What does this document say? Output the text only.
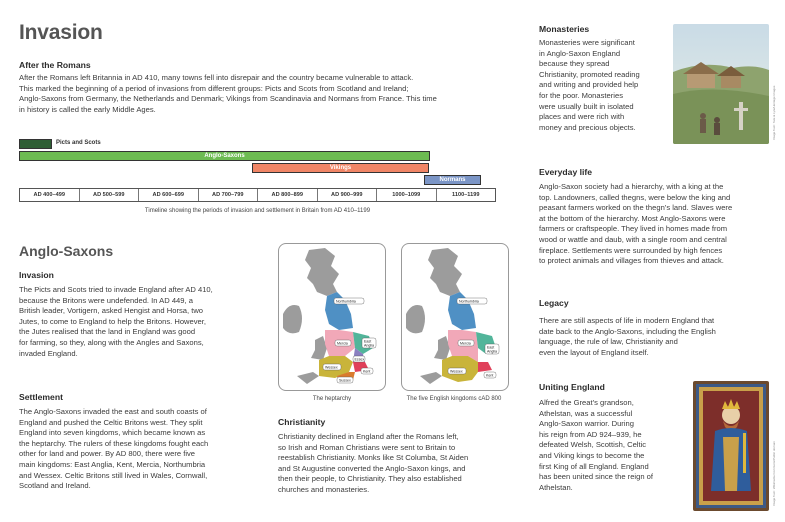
Invasion
After the Romans
After the Romans left Britannia in AD 410, many towns fell into disrepair and the country became vulnerable to attack.
This marked the beginning of a period of invasions from different groups: Picts and Scots from Scotland and Ireland;
Anglo-Saxons from Germany, the Netherlands and Denmark; Vikings from Scandinavia and Normans from France. This time
in history is called the early Middle Ages.
Picts and Scots
Anglo-Saxons
Vikings
Normans
AD 400–499	AD 500–599	AD 600–699	AD 700–799	AD 800–899	AD 900–999	1000–1099	1100–1199
Timeline showing the periods of invasion and settlement in Britain from AD 410–1199
Anglo-Saxons
Invasion
The Picts and Scots tried to invade England after AD 410,
because the Britons were undefended. In AD 449, a
British leader, Vortigern, asked Hengist and Horsa, two
Jutes, to come to England to help the Britons. However,
the Jutes realised that the land in England was good
for farming, so they, along with the Angles and Saxons,
invaded England.
Settlement
The Anglo-Saxons invaded the east and south coasts of
England and pushed the Celtic Britons west. They split
England into seven kingdoms, which became known as
the heptarchy. The rulers of these kingdoms fought each
other for land and power. By AD 800, there were five
main kingdoms: East Anglia, Kent, Mercia, Northumbria
and Wessex. Celtic Britons still lived in Wales, Cornwall,
Scotland and Ireland.
Northumbria
Mercia	East
Anglia
Essex
Wessex
Sussex
Kent
The heptarchy
Northumbria
Mercia
East
Anglia
Wessex
Kent
The five English kingdoms cAD 800
Christianity
Christianity declined in England after the Romans left,
so Irish and Roman Christians were sent to Britain to
reestablish Christianity. Monks like St Columba, St Aiden
and St Augustine converted the Anglo-Saxon kings, and
then their people, to Christianity. They also established
churches and monasteries.
Monasteries
Monasteries were significant
in Anglo-Saxon England
because they spread
Christianity, promoted reading
and writing and provided help
for the poor. Monasteries
were usually built in isolated
places and were rich with
money and precious objects.	Image from: Tate & Lyle/Heritage Images
Everyday life
Anglo-Saxon society had a hierarchy, with a king at the
top. Landowners, called thegns, were below the king and
peasant farmers worked on the thegn’s land. Slaves were
at the bottom of the hierarchy. Most Anglo-Saxons were
farmers or craftspeople. They lived in homes made from
wood or wattle and daub, with a single room and central
fireplace. Settlements were surrounded by high fences
to protect animals and villages from thieves and attack.
Legacy
There are still aspects of life in modern England that
date back to the Anglo-Saxons, including the English
language, the rule of law, Christianity and
even the layout of England itself.
Uniting England
Alfred the Great’s grandson,
Athelstan, was a successful
Anglo-Saxon warrior. During
his reign from AD 924–939, he
defeated Welsh, Scottish, Celtic
and Viking kings to become the
first King of all England. England
has been united since the reign of
Athelstan.	Image from: Wikimedia Commons/Public domain
